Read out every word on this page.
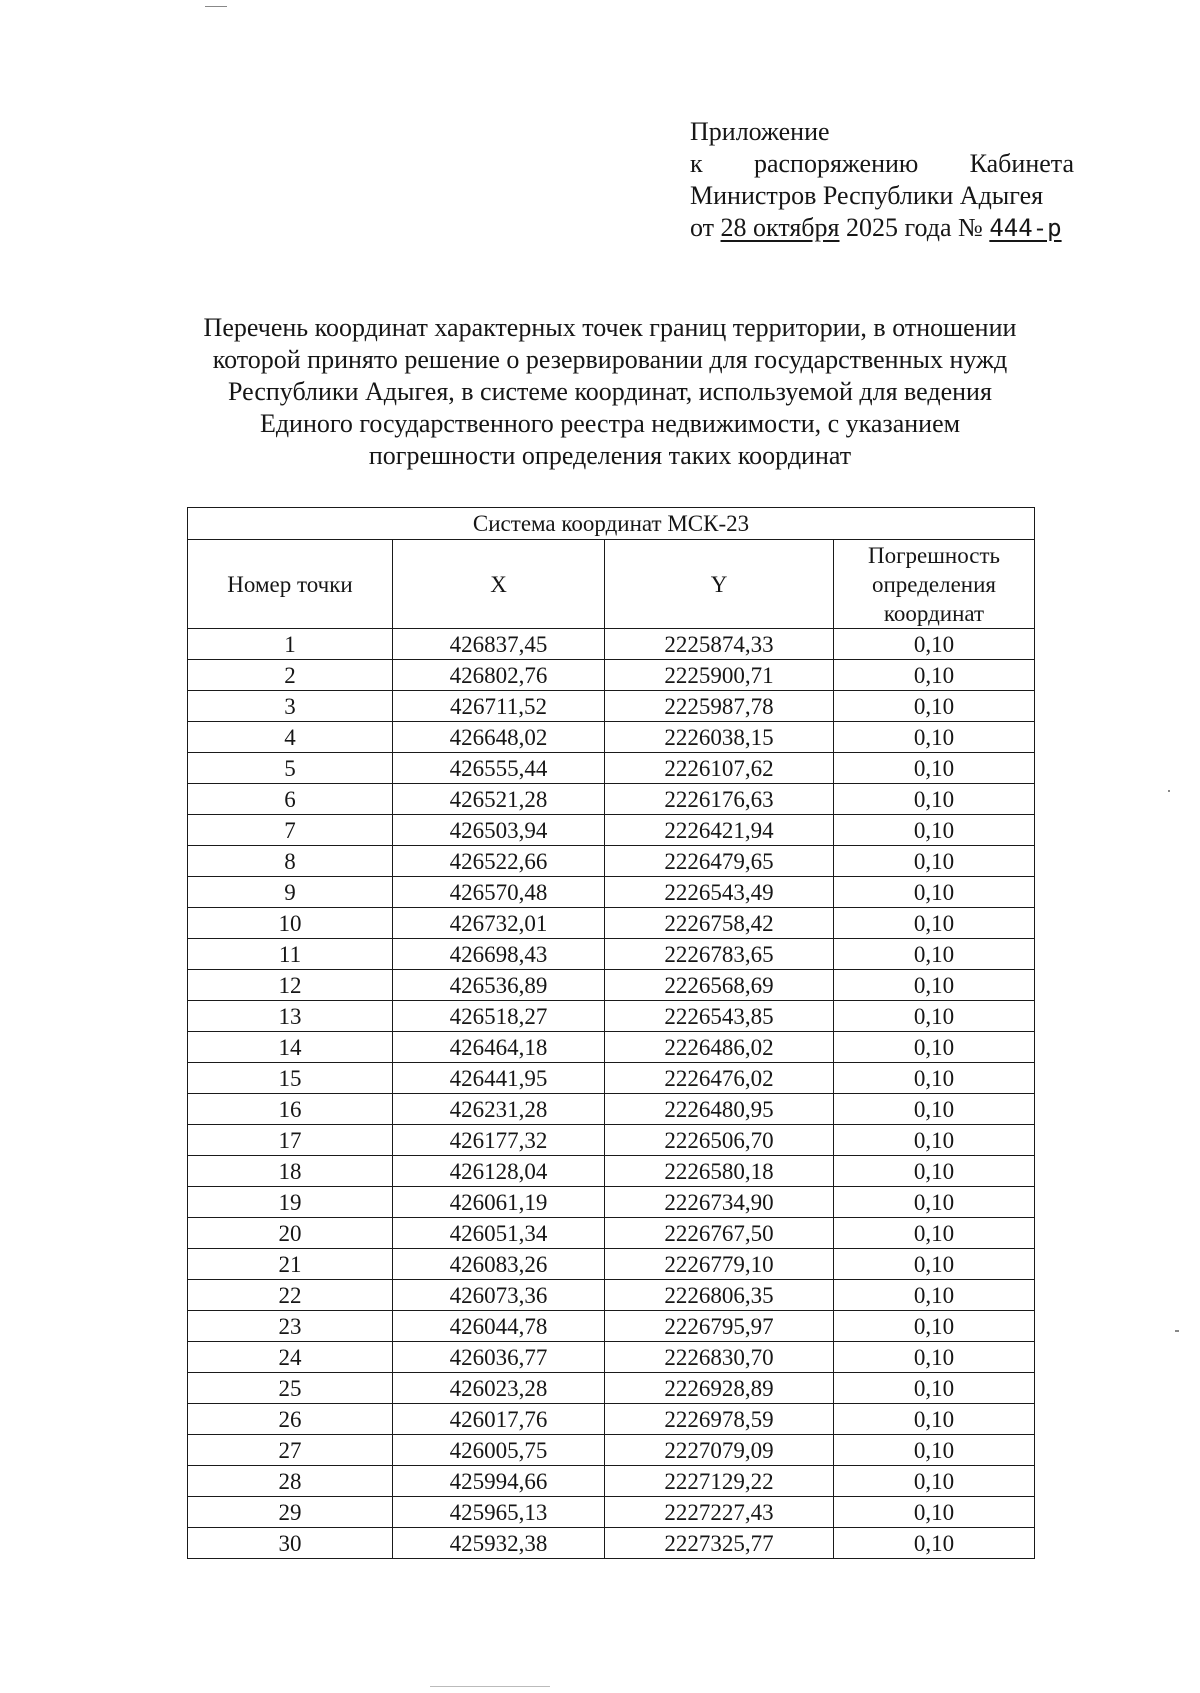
Приложение
к распоряжению Кабинета
Министров Республики Адыгея
от 28 октября 2025 года № 444-р
Перечень координат характерных точек границ территории, в отношении
которой принято решение о резервировании для государственных нужд
Республики Адыгея, в системе координат, используемой для ведения
Единого государственного реестра недвижимости, с указанием
погрешности определения таких координат
Система координат МСК-23			
Номер точки	X	Y	Погрешность
определения
координат

1	426837,45	2225874,33	0,10
2	426802,76	2225900,71	0,10
3	426711,52	2225987,78	0,10
4	426648,02	2226038,15	0,10
5	426555,44	2226107,62	0,10
6	426521,28	2226176,63	0,10
7	426503,94	2226421,94	0,10
8	426522,66	2226479,65	0,10
9	426570,48	2226543,49	0,10
10	426732,01	2226758,42	0,10
11	426698,43	2226783,65	0,10
12	426536,89	2226568,69	0,10
13	426518,27	2226543,85	0,10
14	426464,18	2226486,02	0,10
15	426441,95	2226476,02	0,10
16	426231,28	2226480,95	0,10
17	426177,32	2226506,70	0,10
18	426128,04	2226580,18	0,10
19	426061,19	2226734,90	0,10
20	426051,34	2226767,50	0,10
21	426083,26	2226779,10	0,10
22	426073,36	2226806,35	0,10
23	426044,78	2226795,97	0,10
24	426036,77	2226830,70	0,10
25	426023,28	2226928,89	0,10
26	426017,76	2226978,59	0,10
27	426005,75	2227079,09	0,10
28	425994,66	2227129,22	0,10
29	425965,13	2227227,43	0,10
30	425932,38	2227325,77	0,10
